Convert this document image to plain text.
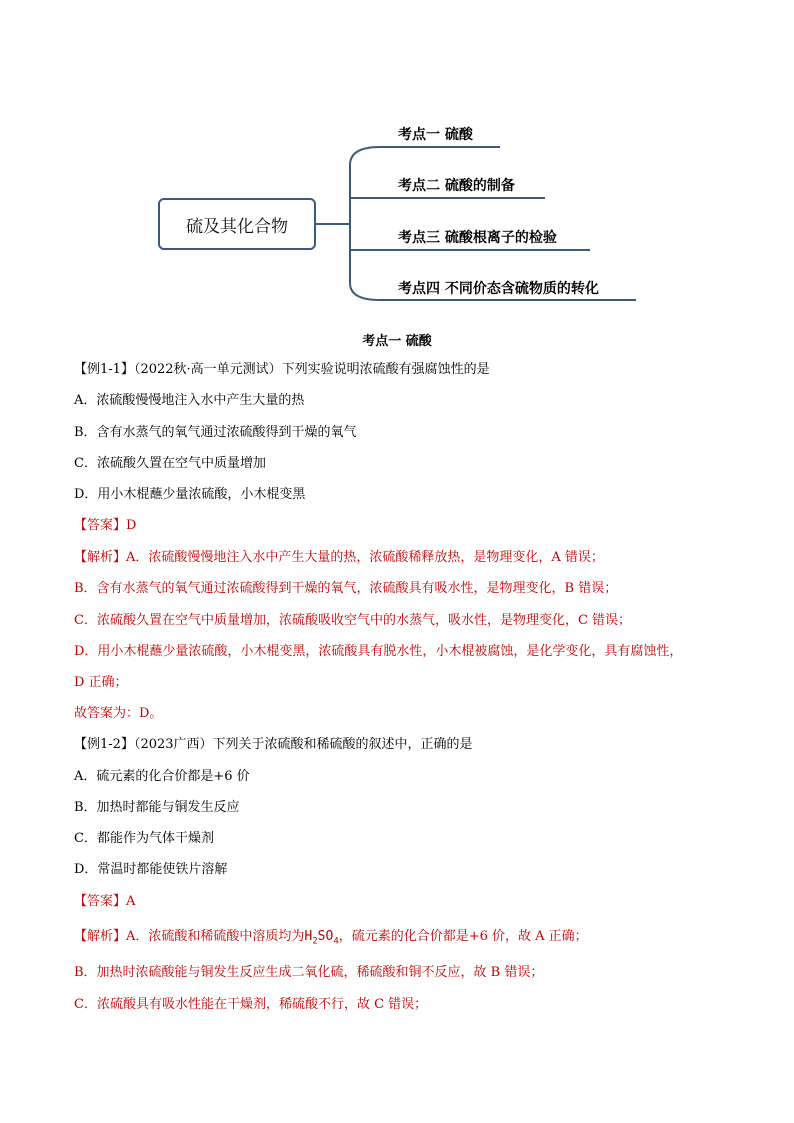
硫及其化合物
考点一 硫酸
考点二 硫酸的制备
考点三 硫酸根离子的检验
考点四 不同价态含硫物质的转化
考点一 硫酸
【例1-1】（2022秋·高一单元测试）下列实验说明浓硫酸有强腐蚀性的是
A．浓硫酸慢慢地注入水中产生大量的热
B．含有水蒸气的氧气通过浓硫酸得到干燥的氧气
C．浓硫酸久置在空气中质量增加
D．用小木棍蘸少量浓硫酸，小木棍变黑
【答案】D
【解析】A．浓硫酸慢慢地注入水中产生大量的热，浓硫酸稀释放热，是物理变化，A 错误；
B．含有水蒸气的氧气通过浓硫酸得到干燥的氧气，浓硫酸具有吸水性，是物理变化，B 错误；
C．浓硫酸久置在空气中质量增加，浓硫酸吸收空气中的水蒸气，吸水性，是物理变化，C 错误；
D．用小木棍蘸少量浓硫酸，小木棍变黑，浓硫酸具有脱水性，小木棍被腐蚀，是化学变化，具有腐蚀性，
D 正确；
故答案为：D。
【例1-2】（2023广西）下列关于浓硫酸和稀硫酸的叙述中，正确的是
A．硫元素的化合价都是+6 价
B．加热时都能与铜发生反应
C．都能作为气体干燥剂
D．常温时都能使铁片溶解
【答案】A
【解析】A．浓硫酸和稀硫酸中溶质均为$H_2SO_4$，硫元素的化合价都是+6 价，故 A 正确；
B．加热时浓硫酸能与铜发生反应生成二氧化硫，稀硫酸和铜不反应，故 B 错误；
C．浓硫酸具有吸水性能在干燥剂，稀硫酸不行，故 C 错误；
